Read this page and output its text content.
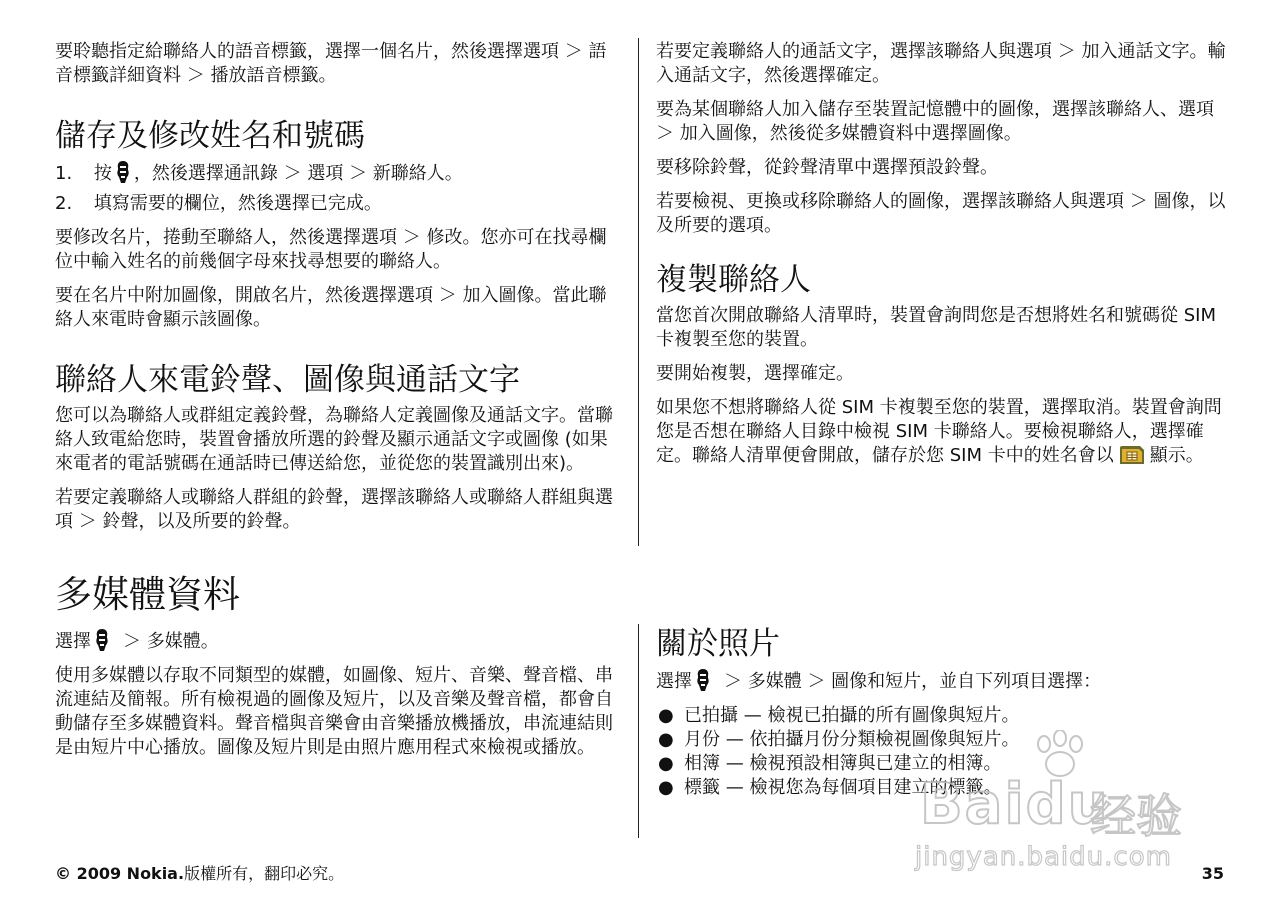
要聆聽指定給聯絡人的語音標籤，選擇一個名片，然後選擇選項 ＞ 語音標籤詳細資料 ＞ 播放語音標籤。

儲存及修改姓名和號碼
1. 按 ，然後選擇通訊錄 ＞ 選項 ＞ 新聯絡人。
2. 填寫需要的欄位，然後選擇已完成。

要修改名片，捲動至聯絡人，然後選擇選項 ＞ 修改。您亦可在找尋欄位中輸入姓名的前幾個字母來找尋想要的聯絡人。

要在名片中附加圖像，開啟名片，然後選擇選項 ＞ 加入圖像。當此聯絡人來電時會顯示該圖像。

聯絡人來電鈴聲、圖像與通話文字

您可以為聯絡人或群組定義鈴聲，為聯絡人定義圖像及通話文字。當聯絡人致電給您時，裝置會播放所選的鈴聲及顯示通話文字或圖像 (如果來電者的電話號碼在通話時已傳送給您，並從您的裝置識別出來)。

若要定義聯絡人或聯絡人群組的鈴聲，選擇該聯絡人或聯絡人群組與選項 ＞ 鈴聲，以及所要的鈴聲。

若要定義聯絡人的通話文字，選擇該聯絡人與選項 ＞ 加入通話文字。輸入通話文字，然後選擇確定。

要為某個聯絡人加入儲存至裝置記憶體中的圖像，選擇該聯絡人、選項 ＞ 加入圖像，然後從多媒體資料中選擇圖像。

要移除鈴聲，從鈴聲清單中選擇預設鈴聲。

若要檢視、更換或移除聯絡人的圖像，選擇該聯絡人與選項 ＞ 圖像，以及所要的選項。

複製聯絡人

當您首次開啟聯絡人清單時，裝置會詢問您是否想將姓名和號碼從 SIM 卡複製至您的裝置。

要開始複製，選擇確定。

如果您不想將聯絡人從 SIM 卡複製至您的裝置，選擇取消。裝置會詢問您是否想在聯絡人目錄中檢視 SIM 卡聯絡人。要檢視聯絡人，選擇確定。聯絡人清單便會開啟，儲存於您 SIM 卡中的姓名會以 顯示。

多媒體資料

選擇 ＞ 多媒體。

使用多媒體以存取不同類型的媒體，如圖像、短片、音樂、聲音檔、串流連結及簡報。所有檢視過的圖像及短片，以及音樂及聲音檔，都會自動儲存至多媒體資料。聲音檔與音樂會由音樂播放機播放，串流連結則是由短片中心播放。圖像及短片則是由照片應用程式來檢視或播放。

關於照片

選擇 ＞ 多媒體 ＞ 圖像和短片，並自下列項目選擇：

● 已拍攝 — 檢視已拍攝的所有圖像與短片。
● 月份 — 依拍攝月份分類檢視圖像與短片。
● 相簿 — 檢視預設相簿與已建立的相簿。
● 標籤 — 檢視您為每個項目建立的標籤。
© 2009 Nokia.版權所有，翻印必究。	35
Baidu
经验
jingyan.baidu.com
